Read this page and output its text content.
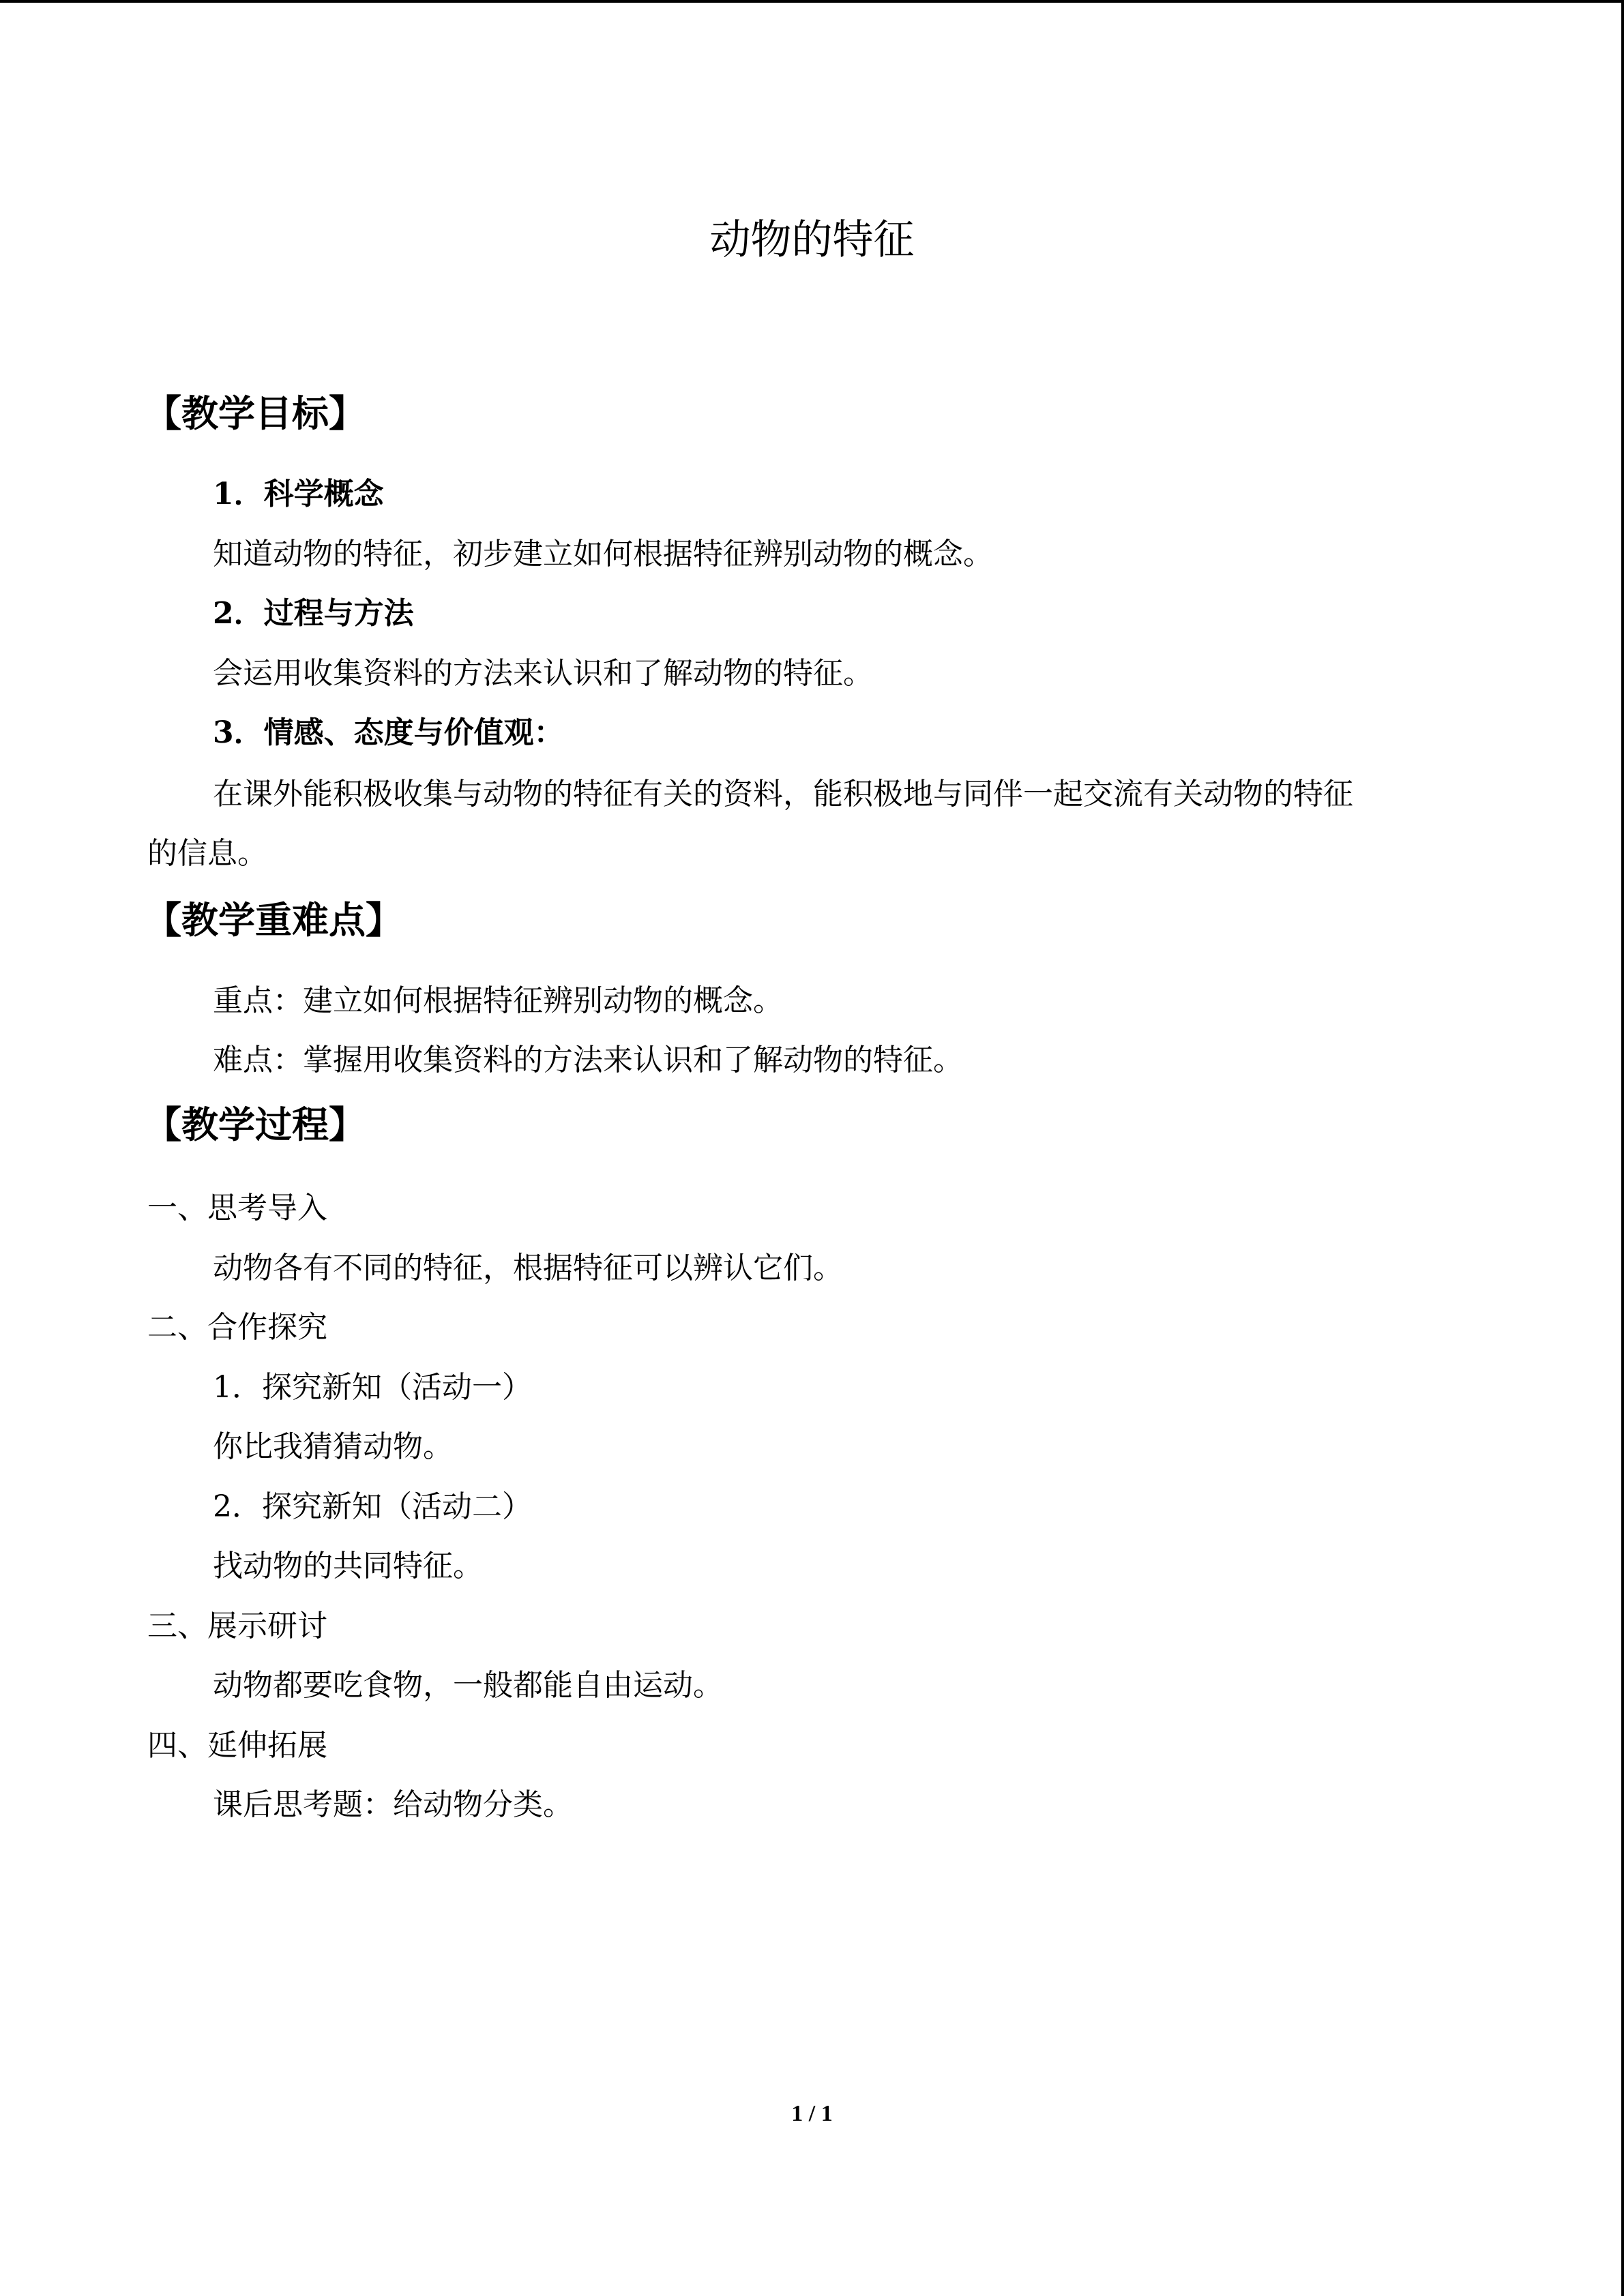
动物的特征
【教学目标】
1．科学概念
知道动物的特征，初步建立如何根据特征辨别动物的概念。
2．过程与方法
会运用收集资料的方法来认识和了解动物的特征。
3．情感、态度与价值观：
在课外能积极收集与动物的特征有关的资料，能积极地与同伴一起交流有关动物的特征
的信息。
【教学重难点】
重点：建立如何根据特征辨别动物的概念。
难点：掌握用收集资料的方法来认识和了解动物的特征。
【教学过程】
一、思考导入
动物各有不同的特征，根据特征可以辨认它们。
二、合作探究
1．探究新知（活动一）
你比我猜猜动物。
2．探究新知（活动二）
找动物的共同特征。
三、展示研讨
动物都要吃食物，一般都能自由运动。
四、延伸拓展
课后思考题：给动物分类。
1 / 1
